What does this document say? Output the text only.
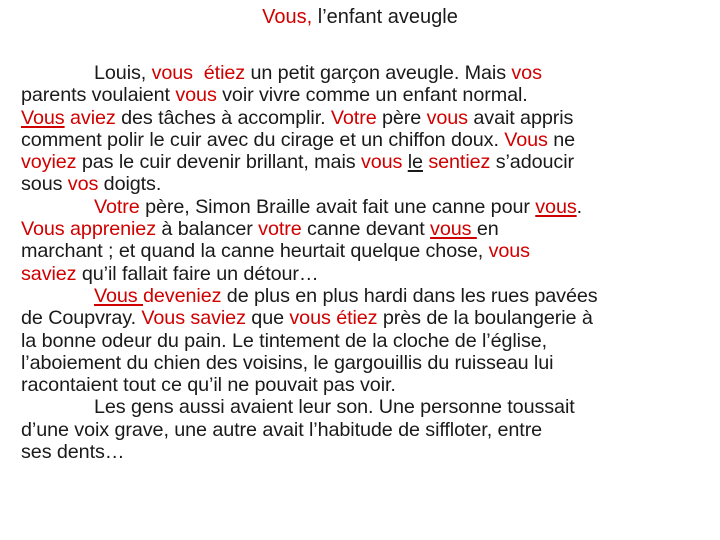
Vous, l’enfant aveugle
Louis, vous étiez un petit garçon aveugle. Mais vos
parents voulaient vous voir vivre comme un enfant normal.
Vous aviez des tâches à accomplir. Votre père vous avait appris
comment polir le cuir avec du cirage et un chiffon doux. Vous ne
voyiez pas le cuir devenir brillant, mais vous le sentiez s’adoucir
sous vos doigts.
Votre père, Simon Braille avait fait une canne pour vous.
Vous appreniez à balancer votre canne devant vous en
marchant ; et quand la canne heurtait quelque chose, vous
saviez qu’il fallait faire un détour…
Vous deveniez de plus en plus hardi dans les rues pavées
de Coupvray. Vous saviez que vous étiez près de la boulangerie à
la bonne odeur du pain. Le tintement de la cloche de l’église,
l’aboiement du chien des voisins, le gargouillis du ruisseau lui
racontaient tout ce qu’il ne pouvait pas voir.
Les gens aussi avaient leur son. Une personne toussait
d’une voix grave, une autre avait l’habitude de siffloter, entre
ses dents…
